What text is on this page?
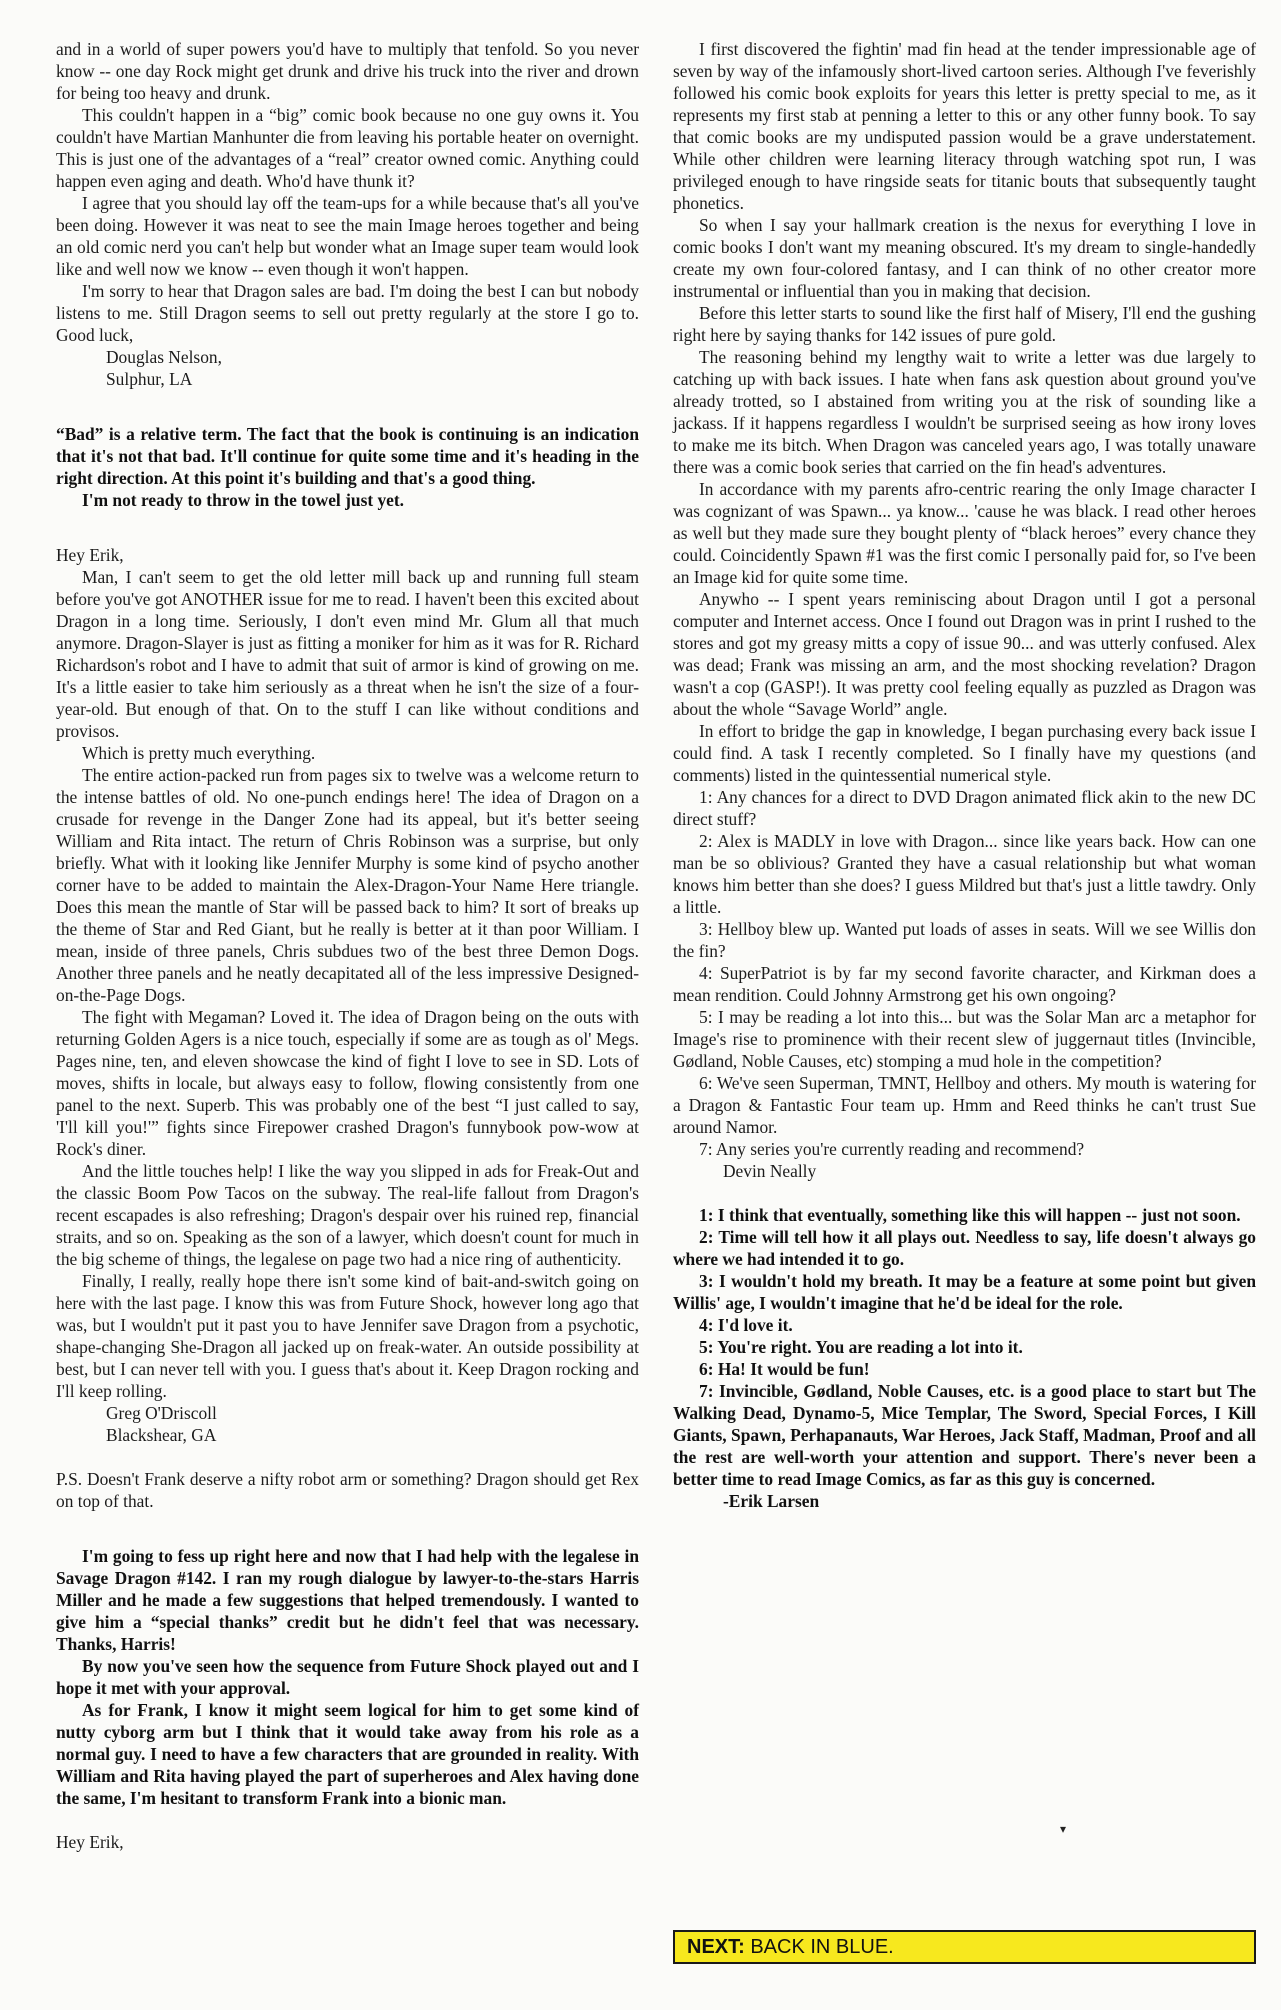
and in a world of super powers you'd have to multiply that tenfold. So you never know -- one day Rock might get drunk and drive his truck into the river and drown for being too heavy and drunk.

This couldn't happen in a “big” comic book because no one guy owns it. You couldn't have Martian Manhunter die from leaving his portable heater on overnight. This is just one of the advantages of a “real” creator owned comic. Anything could happen even aging and death. Who'd have thunk it?

I agree that you should lay off the team-ups for a while because that's all you've been doing. However it was neat to see the main Image heroes together and being an old comic nerd you can't help but wonder what an Image super team would look like and well now we know -- even though it won't happen.

I'm sorry to hear that Dragon sales are bad. I'm doing the best I can but nobody listens to me. Still Dragon seems to sell out pretty regularly at the store I go to. Good luck,

Douglas Nelson,

Sulphur, LA

“Bad” is a relative term. The fact that the book is continuing is an indication that it's not that bad. It'll continue for quite some time and it's heading in the right direction. At this point it's building and that's a good thing.

I'm not ready to throw in the towel just yet.

Hey Erik,

Man, I can't seem to get the old letter mill back up and running full steam before you've got ANOTHER issue for me to read. I haven't been this excited about Dragon in a long time. Seriously, I don't even mind Mr. Glum all that much anymore. Dragon-Slayer is just as fitting a moniker for him as it was for R. Richard Richardson's robot and I have to admit that suit of armor is kind of growing on me. It's a little easier to take him seriously as a threat when he isn't the size of a four-year-old. But enough of that. On to the stuff I can like without conditions and provisos.

Which is pretty much everything.

The entire action-packed run from pages six to twelve was a welcome return to the intense battles of old. No one-punch endings here! The idea of Dragon on a crusade for revenge in the Danger Zone had its appeal, but it's better seeing William and Rita intact. The return of Chris Robinson was a surprise, but only briefly. What with it looking like Jennifer Murphy is some kind of psycho another corner have to be added to maintain the Alex-Dragon-Your Name Here triangle. Does this mean the mantle of Star will be passed back to him? It sort of breaks up the theme of Star and Red Giant, but he really is better at it than poor William. I mean, inside of three panels, Chris subdues two of the best three Demon Dogs. Another three panels and he neatly decapitated all of the less impressive Designed-on-the-Page Dogs.

The fight with Megaman? Loved it. The idea of Dragon being on the outs with returning Golden Agers is a nice touch, especially if some are as tough as ol' Megs. Pages nine, ten, and eleven showcase the kind of fight I love to see in SD. Lots of moves, shifts in locale, but always easy to follow, flowing consistently from one panel to the next. Superb. This was probably one of the best “I just called to say, 'I'll kill you!'” fights since Firepower crashed Dragon's funnybook pow-wow at Rock's diner.

And the little touches help! I like the way you slipped in ads for Freak-Out and the classic Boom Pow Tacos on the subway. The real-life fallout from Dragon's recent escapades is also refreshing; Dragon's despair over his ruined rep, financial straits, and so on. Speaking as the son of a lawyer, which doesn't count for much in the big scheme of things, the legalese on page two had a nice ring of authenticity.

Finally, I really, really hope there isn't some kind of bait-and-switch going on here with the last page. I know this was from Future Shock, however long ago that was, but I wouldn't put it past you to have Jennifer save Dragon from a psychotic, shape-changing She-Dragon all jacked up on freak-water. An outside possibility at best, but I can never tell with you. I guess that's about it. Keep Dragon rocking and I'll keep rolling.

Greg O'Driscoll

Blackshear, GA

P.S. Doesn't Frank deserve a nifty robot arm or something? Dragon should get Rex on top of that.

I'm going to fess up right here and now that I had help with the legalese in Savage Dragon #142. I ran my rough dialogue by lawyer-to-the-stars Harris Miller and he made a few suggestions that helped tremendously. I wanted to give him a “special thanks” credit but he didn't feel that was necessary. Thanks, Harris!

By now you've seen how the sequence from Future Shock played out and I hope it met with your approval.

As for Frank, I know it might seem logical for him to get some kind of nutty cyborg arm but I think that it would take away from his role as a normal guy. I need to have a few characters that are grounded in reality. With William and Rita having played the part of superheroes and Alex having done the same, I'm hesitant to transform Frank into a bionic man.

Hey Erik,

I first discovered the fightin' mad fin head at the tender impressionable age of seven by way of the infamously short-lived cartoon series. Although I've feverishly followed his comic book exploits for years this letter is pretty special to me, as it represents my first stab at penning a letter to this or any other funny book. To say that comic books are my undisputed passion would be a grave understatement. While other children were learning literacy through watching spot run, I was privileged enough to have ringside seats for titanic bouts that subsequently taught phonetics.

So when I say your hallmark creation is the nexus for everything I love in comic books I don't want my meaning obscured. It's my dream to single-handedly create my own four-colored fantasy, and I can think of no other creator more instrumental or influential than you in making that decision.

Before this letter starts to sound like the first half of Misery, I'll end the gushing right here by saying thanks for 142 issues of pure gold.

The reasoning behind my lengthy wait to write a letter was due largely to catching up with back issues. I hate when fans ask question about ground you've already trotted, so I abstained from writing you at the risk of sounding like a jackass. If it happens regardless I wouldn't be surprised seeing as how irony loves to make me its bitch. When Dragon was canceled years ago, I was totally unaware there was a comic book series that carried on the fin head's adventures.

In accordance with my parents afro-centric rearing the only Image character I was cognizant of was Spawn... ya know... 'cause he was black. I read other heroes as well but they made sure they bought plenty of “black heroes” every chance they could. Coincidently Spawn #1 was the first comic I personally paid for, so I've been an Image kid for quite some time.

Anywho -- I spent years reminiscing about Dragon until I got a personal computer and Internet access. Once I found out Dragon was in print I rushed to the stores and got my greasy mitts a copy of issue 90... and was utterly confused. Alex was dead; Frank was missing an arm, and the most shocking revelation? Dragon wasn't a cop (GASP!). It was pretty cool feeling equally as puzzled as Dragon was about the whole “Savage World” angle.

In effort to bridge the gap in knowledge, I began purchasing every back issue I could find. A task I recently completed. So I finally have my questions (and comments) listed in the quintessential numerical style.

1: Any chances for a direct to DVD Dragon animated flick akin to the new DC direct stuff?

2: Alex is MADLY in love with Dragon... since like years back. How can one man be so oblivious? Granted they have a casual relationship but what woman knows him better than she does? I guess Mildred but that's just a little tawdry. Only a little.

3: Hellboy blew up. Wanted put loads of asses in seats. Will we see Willis don the fin?

4: SuperPatriot is by far my second favorite character, and Kirkman does a mean rendition. Could Johnny Armstrong get his own ongoing?

5: I may be reading a lot into this... but was the Solar Man arc a metaphor for Image's rise to prominence with their recent slew of juggernaut titles (Invincible, Gødland, Noble Causes, etc) stomping a mud hole in the competition?

6: We've seen Superman, TMNT, Hellboy and others. My mouth is watering for a Dragon & Fantastic Four team up. Hmm and Reed thinks he can't trust Sue around Namor.

7: Any series you're currently reading and recommend?

Devin Neally

1: I think that eventually, something like this will happen -- just not soon.

2: Time will tell how it all plays out. Needless to say, life doesn't always go where we had intended it to go.

3: I wouldn't hold my breath. It may be a feature at some point but given Willis' age, I wouldn't imagine that he'd be ideal for the role.

4: I'd love it.

5: You're right. You are reading a lot into it.

6: Ha! It would be fun!

7: Invincible, Gødland, Noble Causes, etc. is a good place to start but The Walking Dead, Dynamo-5, Mice Templar, The Sword, Special Forces, I Kill Giants, Spawn, Perhapanauts, War Heroes, Jack Staff, Madman, Proof and all the rest are well-worth your attention and support. There's never been a better time to read Image Comics, as far as this guy is concerned.

-Erik Larsen

▾
NEXT: BACK IN BLUE.
